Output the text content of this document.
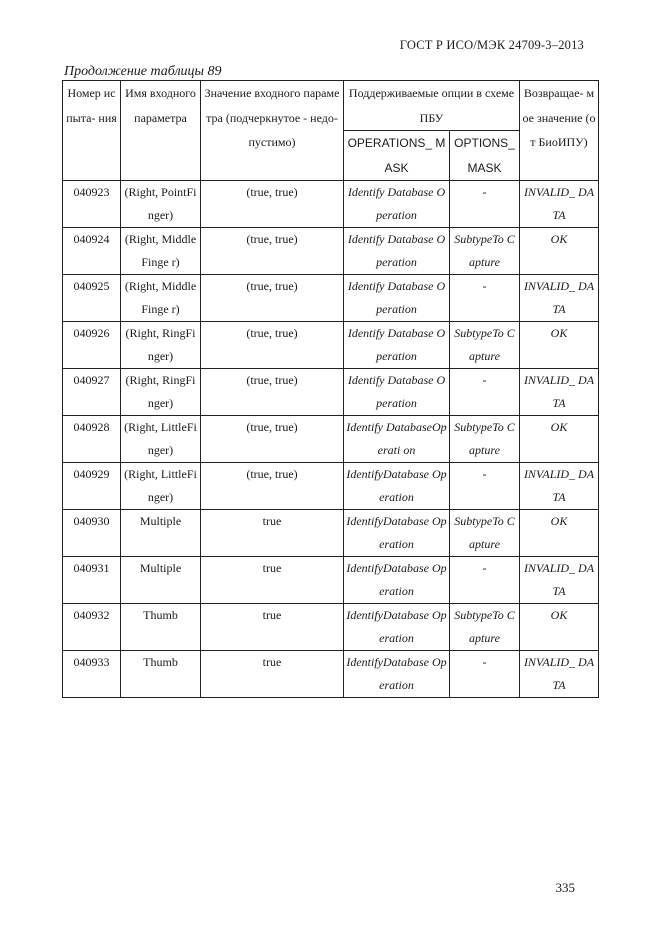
ГОСТ Р ИСО/МЭК 24709-3–2013
Продолжение таблицы 89
Номер испыта- ния	Имя входного параметра	Значение входного параметра (подчеркнутое - недо- пустимо)	Поддерживаемые опции в схеме ПБУ		Возвращае- мое значение (от БиоИПУ)
			OPERATIONS_ MASK	OPTIONS_ MASK	
040923	(Right, PointFinger)	(true, true)	Identify Database Operation	-	INVALID_ DATA
040924	(Right, MiddleFinge r)	(true, true)	Identify Database Operation	SubtypeTo Capture	OK
040925	(Right, MiddleFinge r)	(true, true)	Identify Database Operation	-	INVALID_ DATA
040926	(Right, RingFinger)	(true, true)	Identify Database Operation	SubtypeTo Capture	OK
040927	(Right, RingFinger)	(true, true)	Identify Database Operation	-	INVALID_ DATA
040928	(Right, LittleFinger)	(true, true)	Identify DatabaseOperati on	SubtypeTo Capture	OK
040929	(Right, LittleFinger)	(true, true)	IdentifyDatabase Operation	-	INVALID_ DATA
040930	Multiple	true	IdentifyDatabase Operation	SubtypeTo Capture	OK
040931	Multiple	true	IdentifyDatabase Operation	-	INVALID_ DATA
040932	Thumb	true	IdentifyDatabase Operation	SubtypeTo Capture	OK
040933	Thumb	true	IdentifyDatabase Operation	-	INVALID_ DATA
335
